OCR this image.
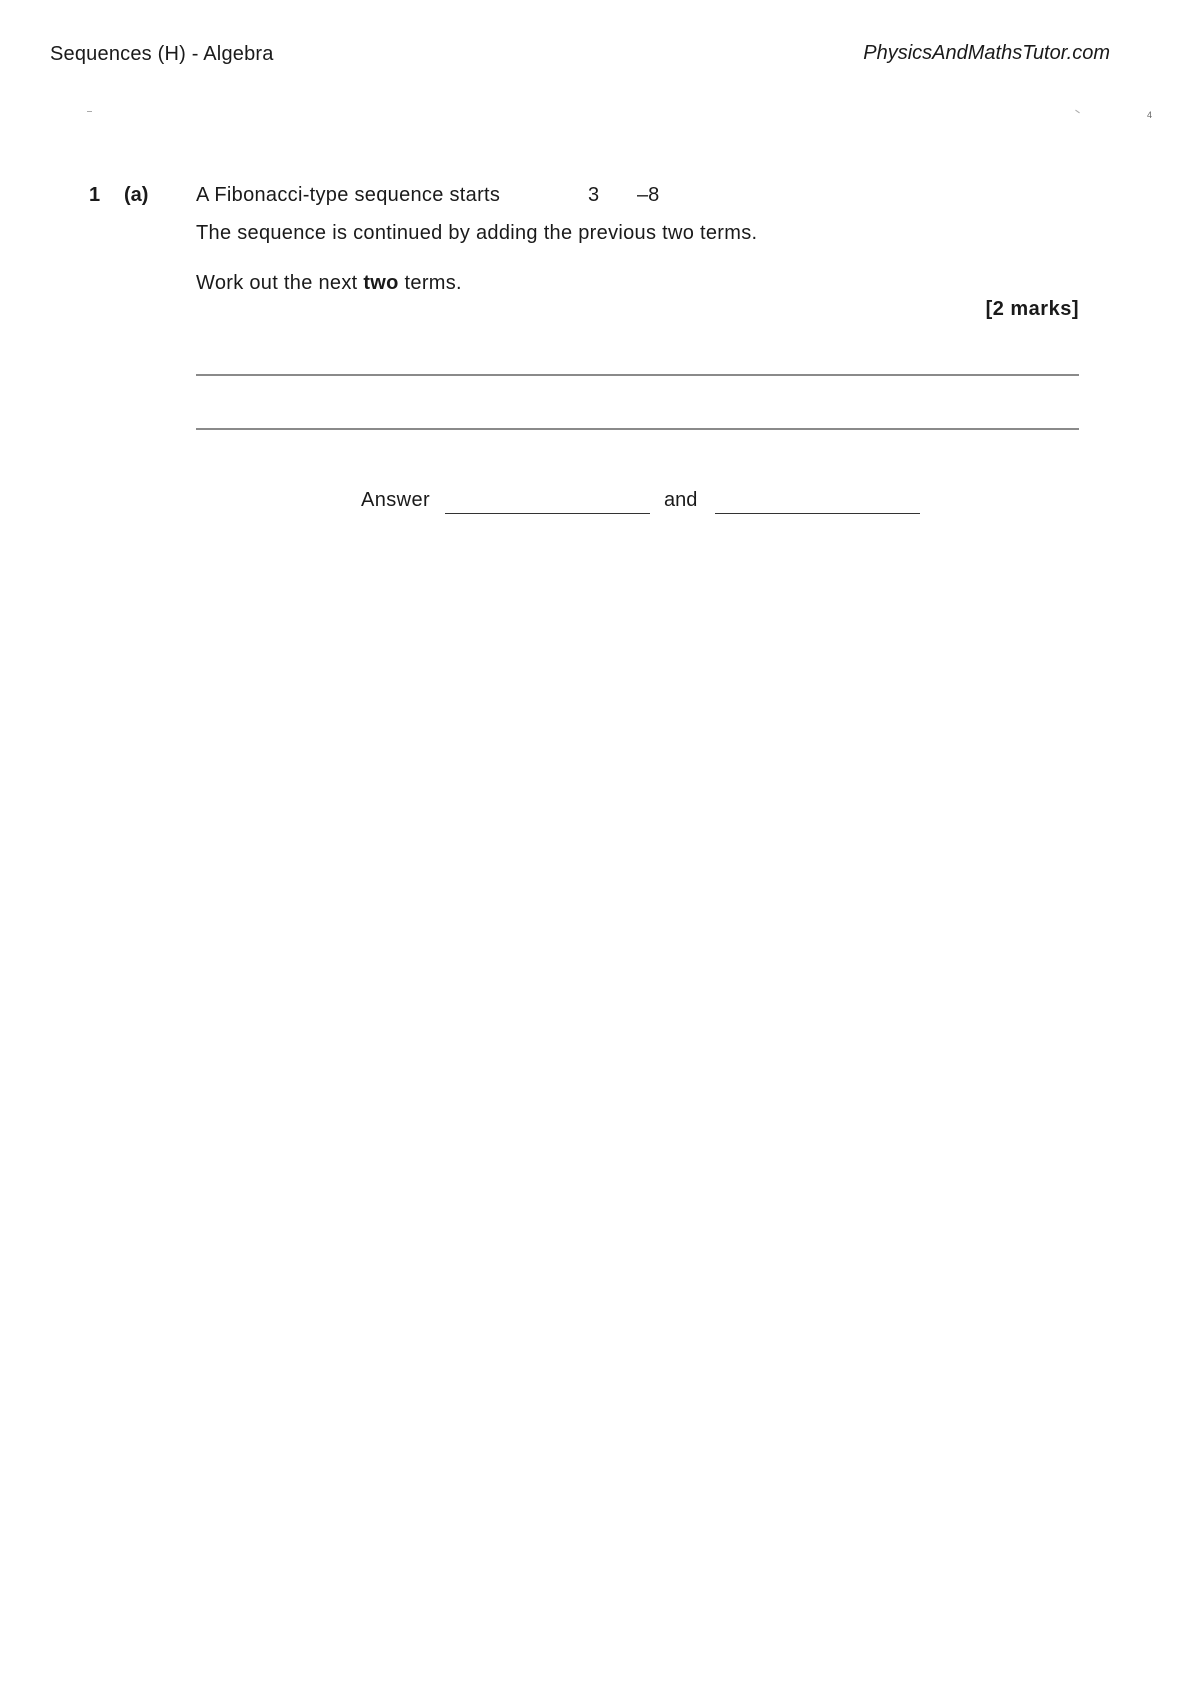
Sequences (H) - Algebra	PhysicsAndMathsTutor.com
4
1 (a) A Fibonacci-type sequence starts	3 –8
The sequence is continued by adding the previous two terms.
Work out the next two terms.
[2 marks]
Answer	and
